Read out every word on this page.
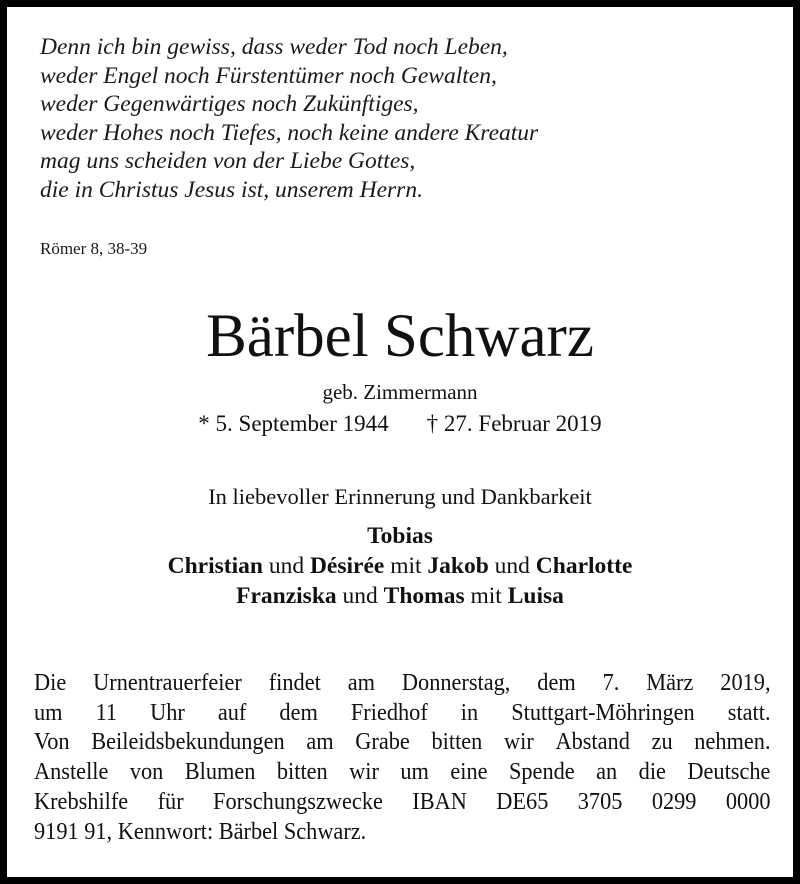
Denn ich bin gewiss, dass weder Tod noch Leben,
weder Engel noch Fürstentümer noch Gewalten,
weder Gegenwärtiges noch Zukünftiges,
weder Hohes noch Tiefes, noch keine andere Kreatur
mag uns scheiden von der Liebe Gottes,
die in Christus Jesus ist, unserem Herrn.
Römer 8, 38-39
Bärbel Schwarz
geb. Zimmermann
* 5. September 1944 † 27. Februar 2019
In liebevoller Erinnerung und Dankbarkeit
Tobias
Christian und Désirée mit Jakob und Charlotte
Franziska und Thomas mit Luisa
Die Urnentrauerfeier findet am Donnerstag, dem 7. März 2019,
um 11 Uhr auf dem Friedhof in Stuttgart-Möhringen statt.
Von Beileidsbekundungen am Grabe bitten wir Abstand zu nehmen.
Anstelle von Blumen bitten wir um eine Spende an die Deutsche
Krebshilfe für Forschungszwecke IBAN DE65 3705 0299 0000
9191 91, Kennwort: Bärbel Schwarz.
